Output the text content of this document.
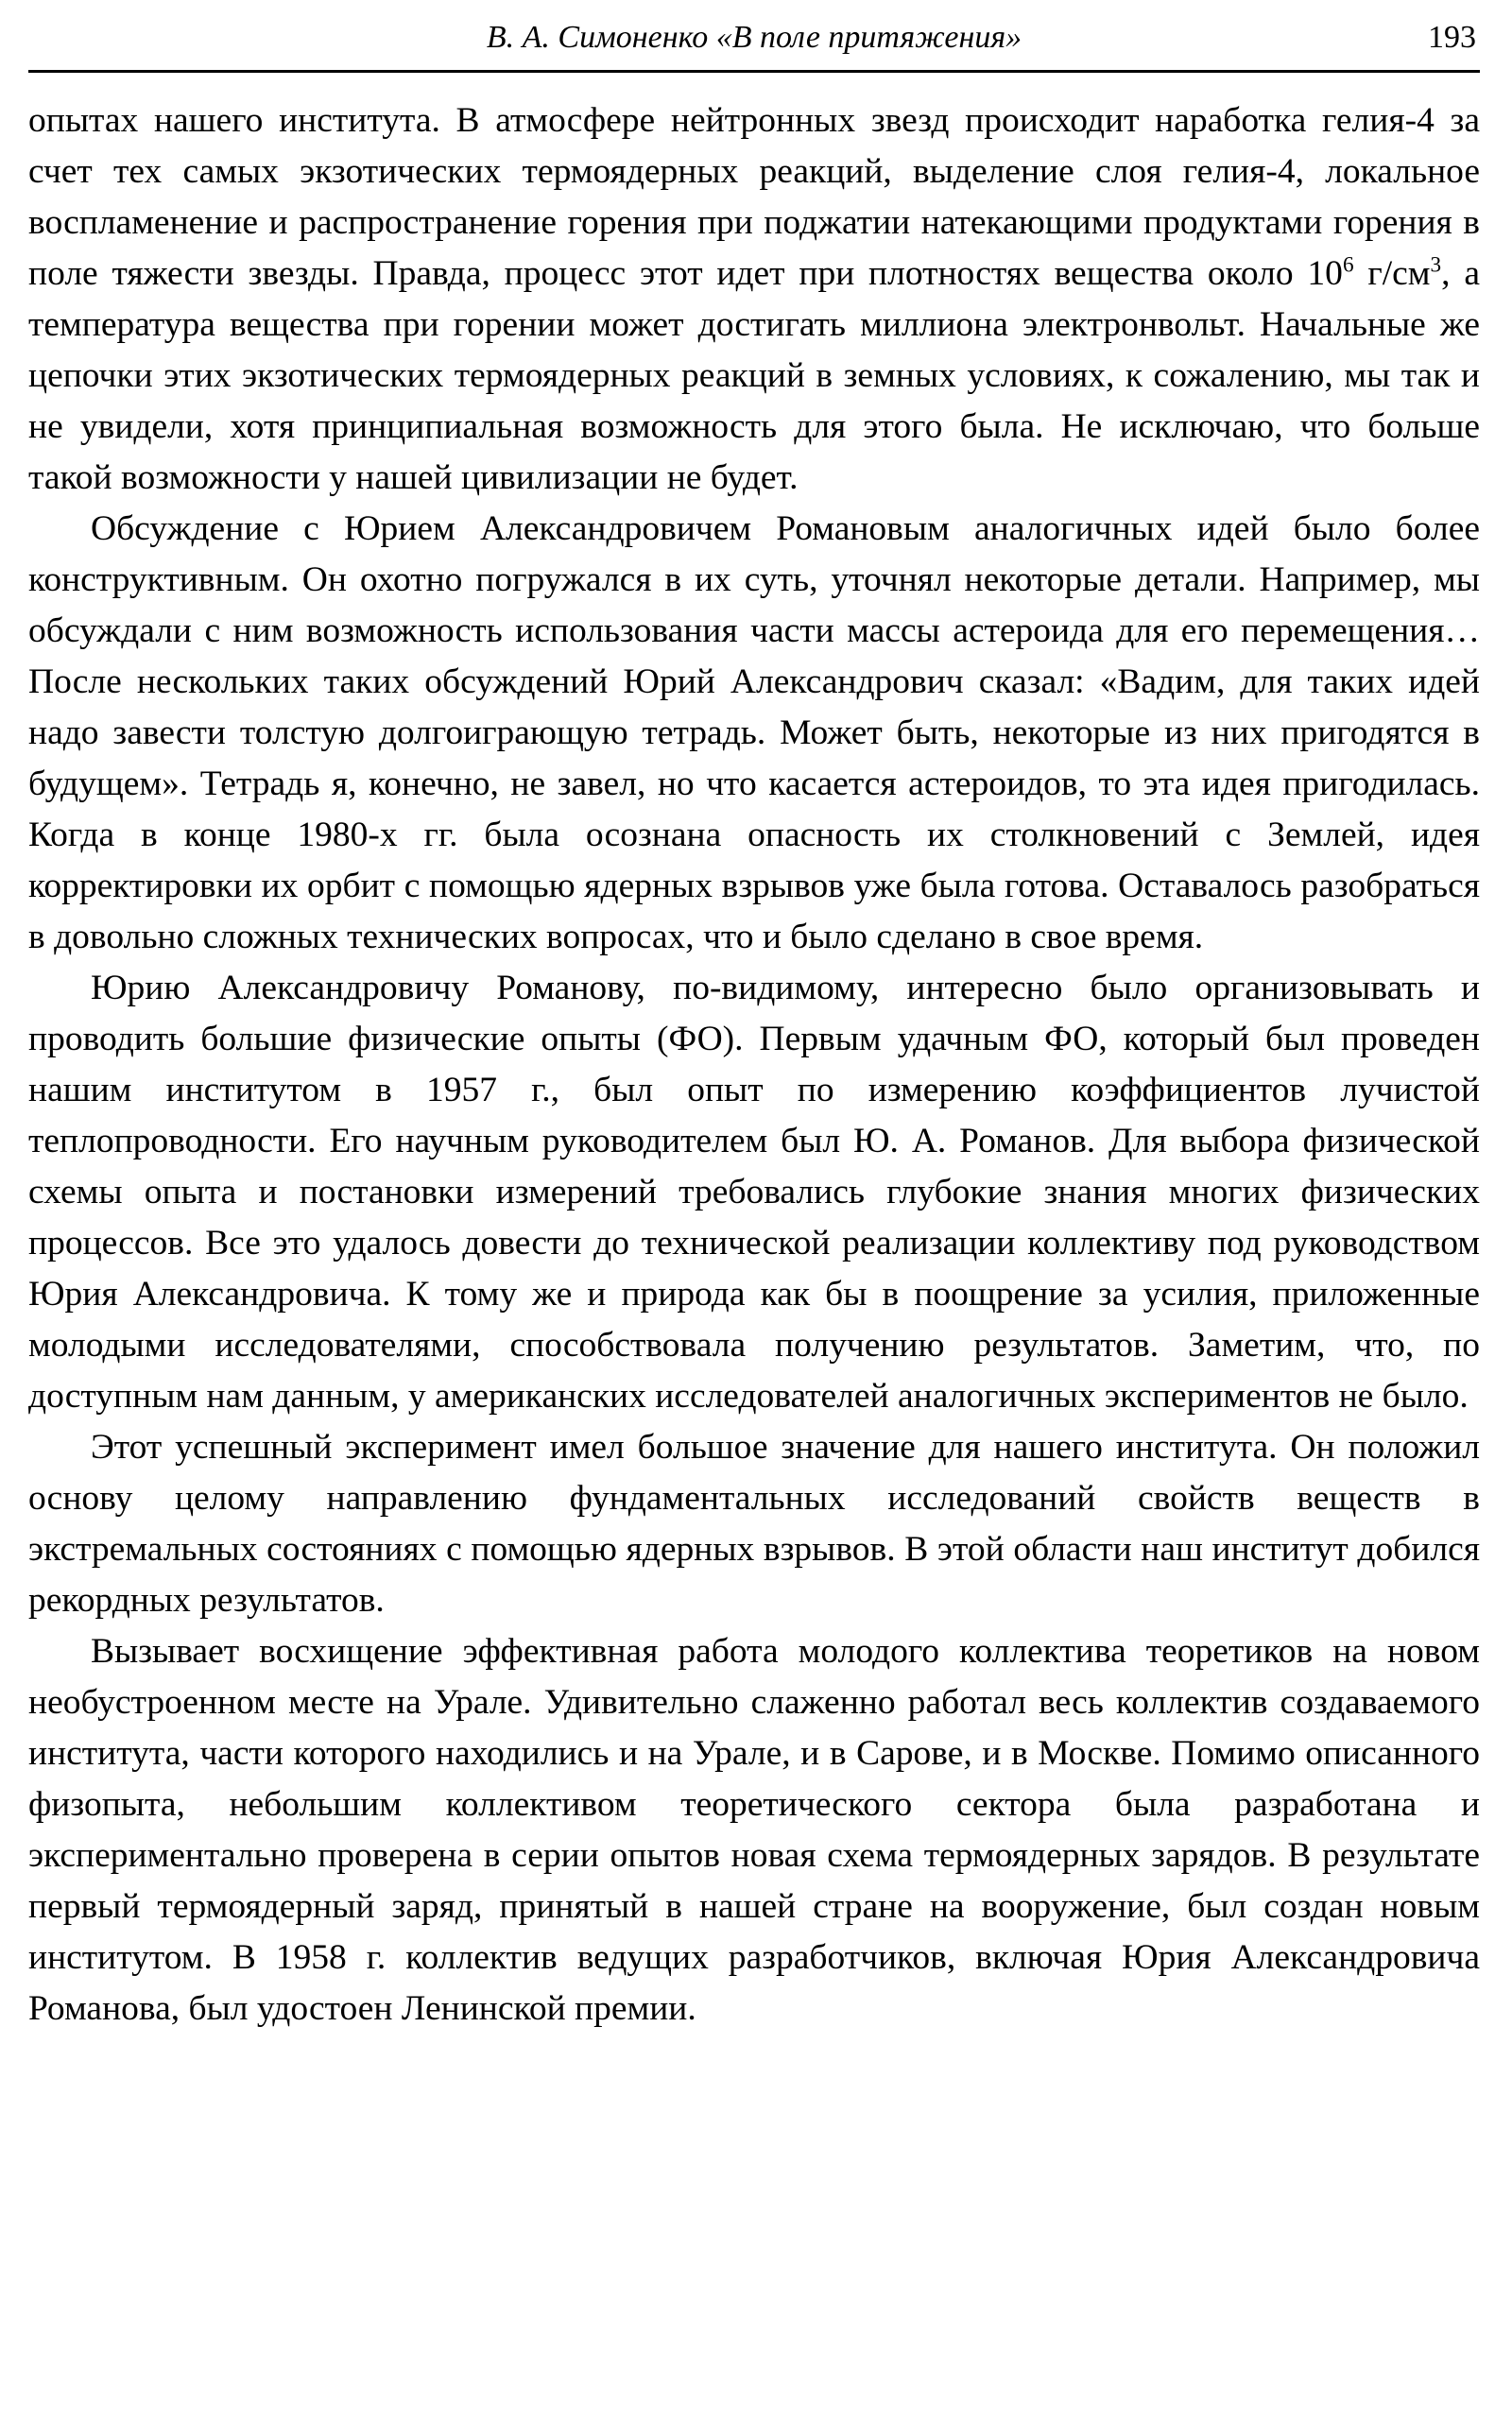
В. А. Симоненко «В поле притяжения»	193

опытах нашего института. В атмосфере нейтронных звезд происходит наработка гелия-4 за счет тех самых экзотических термоядерных реакций, выделение слоя гелия-4, локальное воспламенение и распространение горения при поджатии натекающими продуктами горения в поле тяжести звезды. Правда, процесс этот идет при плотностях вещества около $10^6$ $г/см^3$, а температура вещества при горении может достигать миллиона электронвольт. Начальные же цепочки этих экзотических термоядерных реакций в земных условиях, к сожалению, мы так и не увидели, хотя принципиальная возможность для этого была. Не исключаю, что больше такой возможности у нашей цивилизации не будет.

Обсуждение с Юрием Александровичем Романовым аналогичных идей было более конструктивным. Он охотно погружался в их суть, уточнял некоторые детали. Например, мы обсуждали с ним возможность использования части массы астероида для его перемещения… После нескольких таких обсуждений Юрий Александрович сказал: «Вадим, для таких идей надо завести толстую долгоиграющую тетрадь. Может быть, некоторые из них пригодятся в будущем». Тетрадь я, конечно, не завел, но что касается астероидов, то эта идея пригодилась. Когда в конце 1980-х гг. была осознана опасность их столкновений с Землей, идея корректировки их орбит с помощью ядерных взрывов уже была готова. Оставалось разобраться в довольно сложных технических вопросах, что и было сделано в свое время.

Юрию Александровичу Романову, по-видимому, интересно было организовывать и проводить большие физические опыты (ФО). Первым удачным ФО, который был проведен нашим институтом в 1957 г., был опыт по измерению коэффициентов лучистой теплопроводности. Его научным руководителем был Ю. А. Романов. Для выбора физической схемы опыта и постановки измерений требовались глубокие знания многих физических процессов. Все это удалось довести до технической реализации коллективу под руководством Юрия Александровича. К тому же и природа как бы в поощрение за усилия, приложенные молодыми исследователями, способствовала получению результатов. Заметим, что, по доступным нам данным, у американских исследователей аналогичных экспериментов не было.

Этот успешный эксперимент имел большое значение для нашего института. Он положил основу целому направлению фундаментальных исследований свойств веществ в экстремальных состояниях с помощью ядерных взрывов. В этой области наш институт добился рекордных результатов.

Вызывает восхищение эффективная работа молодого коллектива теоретиков на новом необустроенном месте на Урале. Удивительно слаженно работал весь коллектив создаваемого института, части которого находились и на Урале, и в Сарове, и в Москве. Помимо описанного физопыта, небольшим коллективом теоретического сектора была разработана и экспериментально проверена в серии опытов новая схема термоядерных зарядов. В результате первый термоядерный заряд, принятый в нашей стране на вооружение, был создан новым институтом. В 1958 г. коллектив ведущих разработчиков, включая Юрия Александровича Романова, был удостоен Ленинской премии.
